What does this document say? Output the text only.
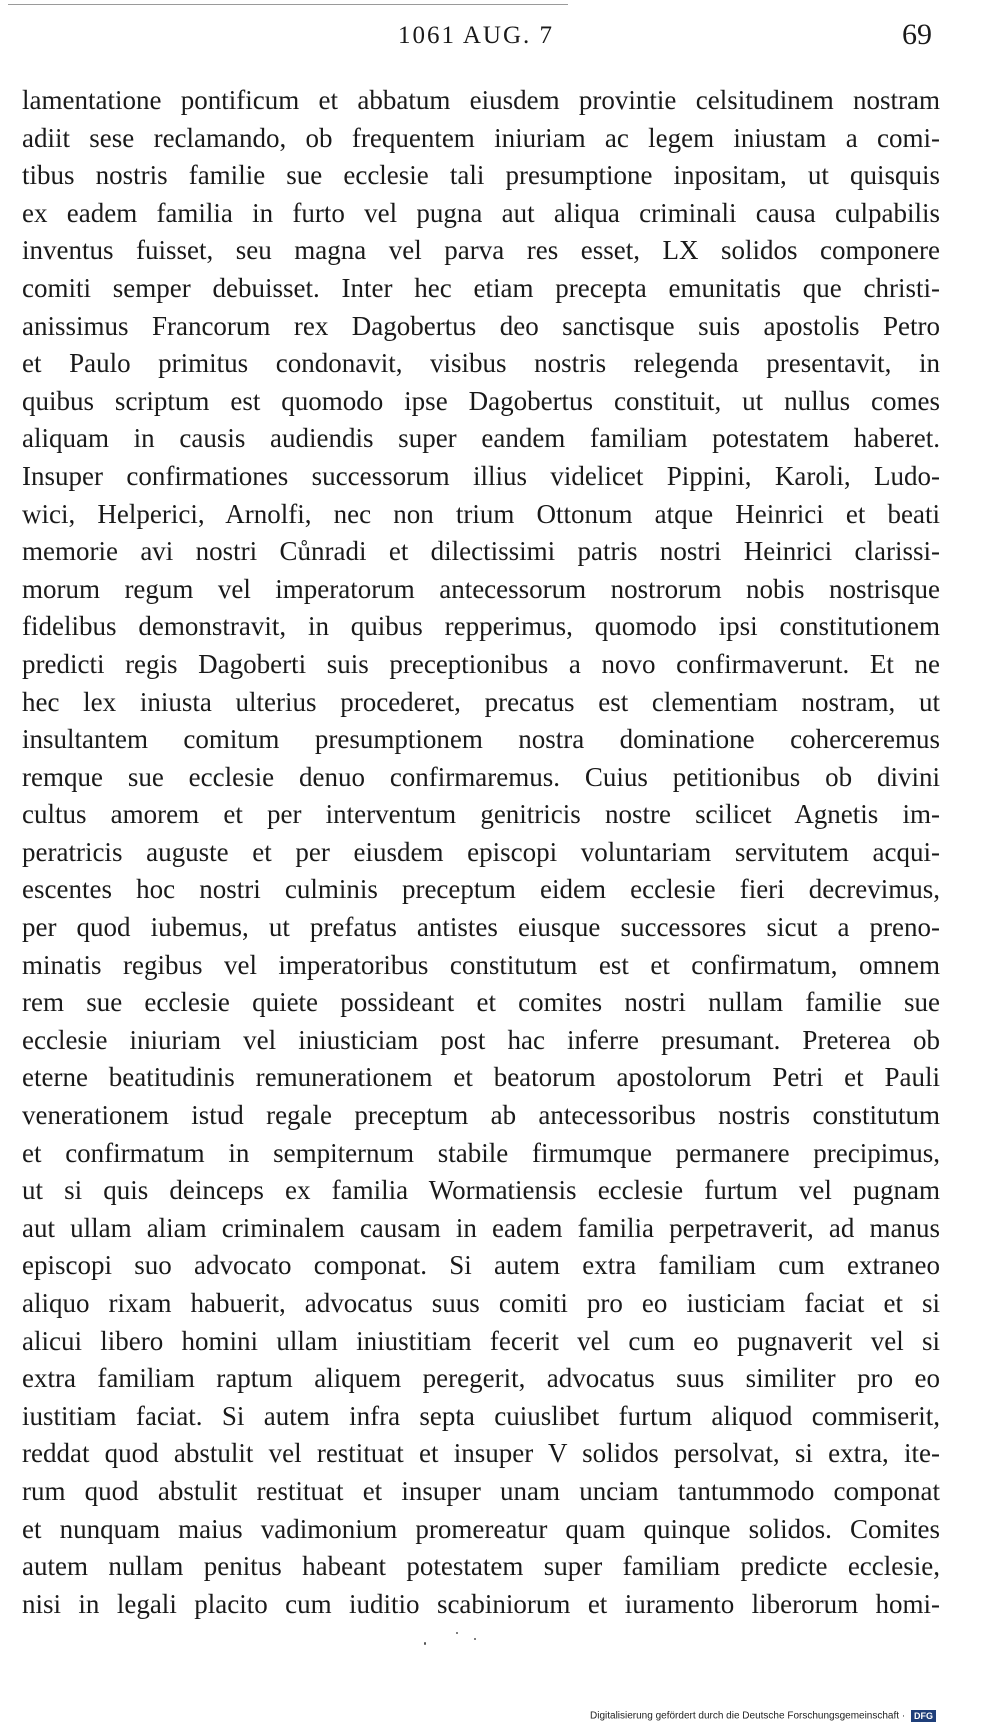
1061 AUG. 7	69
lamentatione pontificum et abbatum eiusdem provintie celsitudinem nostram
adiit sese reclamando, ob frequentem iniuriam ac legem iniustam a comi-
tibus nostris familie sue ecclesie tali presumptione inpositam, ut quisquis
ex eadem familia in furto vel pugna aut aliqua criminali causa culpabilis
inventus fuisset, seu magna vel parva res esset, LX solidos componere
comiti semper debuisset. Inter hec etiam precepta emunitatis que christi-
anissimus Francorum rex Dagobertus deo sanctisque suis apostolis Petro
et Paulo primitus condonavit, visibus nostris relegenda presentavit, in
quibus scriptum est quomodo ipse Dagobertus constituit, ut nullus comes
aliquam in causis audiendis super eandem familiam potestatem haberet.
Insuper confirmationes successorum illius videlicet Pippini, Karoli, Ludo-
wici, Helperici, Arnolfi, nec non trium Ottonum atque Heinrici et beati
memorie avi nostri Cůnradi et dilectissimi patris nostri Heinrici clarissi-
morum regum vel imperatorum antecessorum nostrorum nobis nostrisque
fidelibus demonstravit, in quibus repperimus, quomodo ipsi constitutionem
predicti regis Dagoberti suis preceptionibus a novo confirmaverunt. Et ne
hec lex iniusta ulterius procederet, precatus est clementiam nostram, ut
insultantem comitum presumptionem nostra dominatione coherceremus
remque sue ecclesie denuo confirmaremus. Cuius petitionibus ob divini
cultus amorem et per interventum genitricis nostre scilicet Agnetis im-
peratricis auguste et per eiusdem episcopi voluntariam servitutem acqui-
escentes hoc nostri culminis preceptum eidem ecclesie fieri decrevimus,
per quod iubemus, ut prefatus antistes eiusque successores sicut a preno-
minatis regibus vel imperatoribus constitutum est et confirmatum, omnem
rem sue ecclesie quiete possideant et comites nostri nullam familie sue
ecclesie iniuriam vel iniusticiam post hac inferre presumant. Preterea ob
eterne beatitudinis remunerationem et beatorum apostolorum Petri et Pauli
venerationem istud regale preceptum ab antecessoribus nostris constitutum
et confirmatum in sempiternum stabile firmumque permanere precipimus,
ut si quis deinceps ex familia Wormatiensis ecclesie furtum vel pugnam
aut ullam aliam criminalem causam in eadem familia perpetraverit, ad manus
episcopi suo advocato componat. Si autem extra familiam cum extraneo
aliquo rixam habuerit, advocatus suus comiti pro eo iusticiam faciat et si
alicui libero homini ullam iniustitiam fecerit vel cum eo pugnaverit vel si
extra familiam raptum aliquem peregerit, advocatus suus similiter pro eo
iustitiam faciat. Si autem infra septa cuiuslibet furtum aliquod commiserit,
reddat quod abstulit vel restituat et insuper V solidos persolvat, si extra, ite-
rum quod abstulit restituat et insuper unam unciam tantummodo componat
et nunquam maius vadimonium promereatur quam quinque solidos. Comites
autem nullam penitus habeant potestatem super familiam predicte ecclesie,
nisi in legali placito cum iuditio scabiniorum et iuramento liberorum homi-
Digitalisierung gefördert durch die Deutsche Forschungsgemeinschaft · DFG
